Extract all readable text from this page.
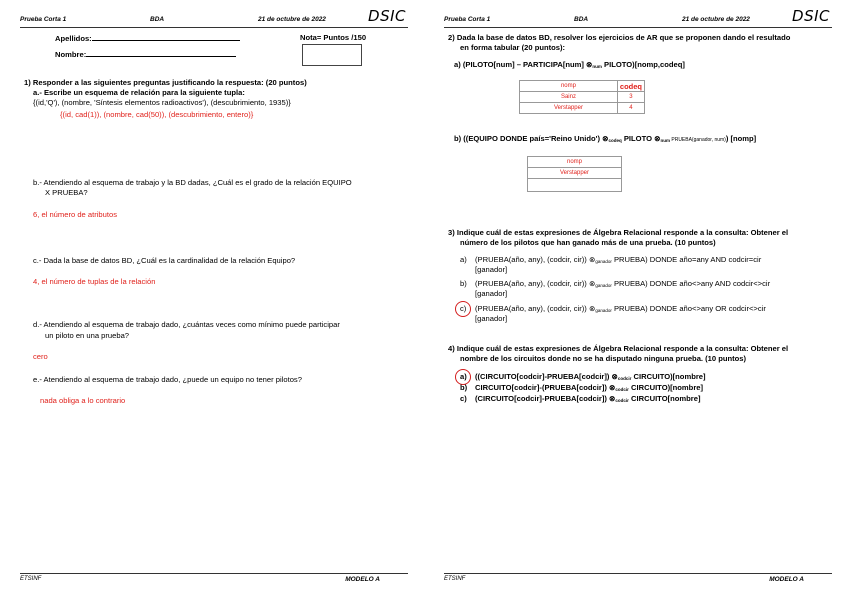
Prueba Corta 1	BDA	21 de octubre de 2022	DSIC
Apellidos:
Nombre:
Nota= Puntos /150
1) Responder a las siguientes preguntas justificando la respuesta: (20 puntos)
a.- Escribe un esquema de relación para la siguiente tupla:
{(id,'Q'), (nombre, 'Síntesis elementos radioactivos'), (descubrimiento, 1935)}
{(id, cad(1)), (nombre, cad(50)), (descubrimiento, entero)}
b.- Atendiendo al esquema de trabajo y la BD dadas, ¿Cuál es el grado de la relación EQUIPO
X PRUEBA?
6, el número de atributos
c.- Dada la base de datos BD, ¿Cuál es la cardinalidad de la relación Equipo?
4, el número de tuplas de la relación
d.- Atendiendo al esquema de trabajo dado, ¿cuántas veces como mínimo puede participar
un piloto en una prueba?
cero
e.- Atendiendo al esquema de trabajo dado, ¿puede un equipo no tener pilotos?
nada obliga a lo contrario
ETSINF	MODELO A
Prueba Corta 1	BDA	21 de octubre de 2022	DSIC
2) Dada la base de datos BD, resolver los ejercicios de AR que se proponen dando el resultado
en forma tabular (20 puntos):
a) (PILOTO[num] – PARTICIPA[num] $\otimes_{num}$ PILOTO)[nomp,codeq]
nomp	codeq
Sainz	3
Verstapper	4
b) ((EQUIPO DONDE país='Reino Unido') $\otimes_{codeq}$ PILOTO $\otimes_{num}$ PRUEBA(ganador, num)) [nomp]
nomp
Verstapper

3) Indique cuál de estas expresiones de Álgebra Relacional responde a la consulta: Obtener el
número de los pilotos que han ganado más de una prueba. (10 puntos)
a) (PRUEBA(año, any), (codcir, cir)) $\otimes_{ganador}$ PRUEBA) DONDE año=any AND codcir=cir
[ganador]
b) (PRUEBA(año, any), (codcir, cir)) $\otimes_{ganador}$ PRUEBA) DONDE año<>any AND codcir<>cir
[ganador]
c) (PRUEBA(año, any), (codcir, cir)) $\otimes_{ganador}$ PRUEBA) DONDE año<>any OR codcir<>cir
[ganador]
4) Indique cuál de estas expresiones de Álgebra Relacional responde a la consulta: Obtener el
nombre de los circuitos donde no se ha disputado ninguna prueba. (10 puntos)
a) ((CIRCUITO[codcir]-PRUEBA[codcir]) $\otimes_{codcir}$ CIRCUITO)[nombre]
b) CIRCUITO[codcir]-(PRUEBA[codcir]) $\otimes_{codcir}$ CIRCUITO)[nombre]
c) (CIRCUITO[codcir]-PRUEBA[codcir]) $\otimes_{codcir}$ CIRCUITO[nombre]
ETSINF	MODELO A
